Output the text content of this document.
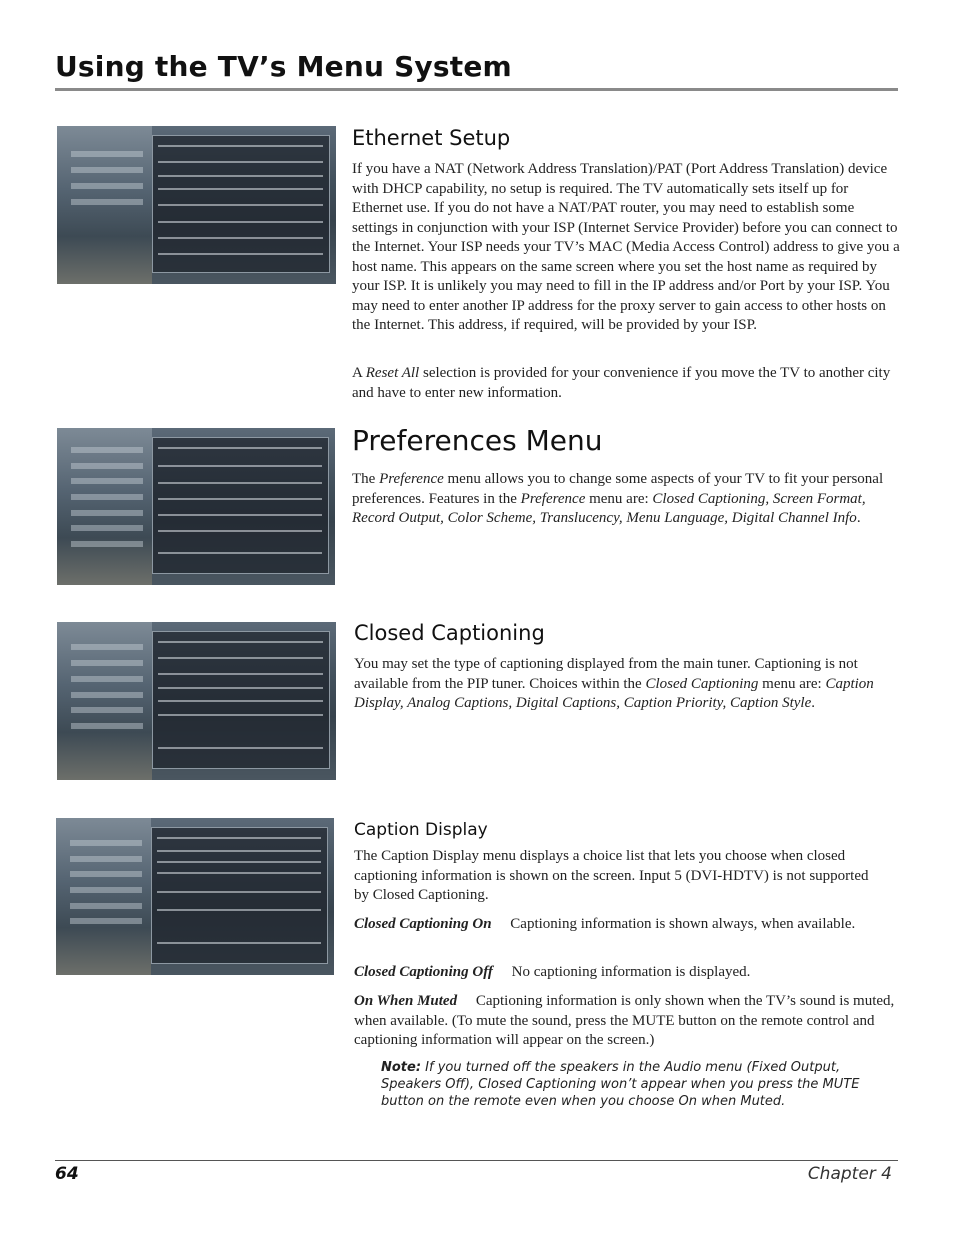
Using the TV’s Menu System
Ethernet Setup

If you have a NAT (Network Address Translation)/PAT (Port Address Translation) device with DHCP capability, no setup is required. The TV automatically sets itself up for Ethernet use. If you do not have a NAT/PAT router, you may need to establish some settings in conjunction with your ISP (Internet Service Provider) before you can connect to the Internet. Your ISP needs your TV’s MAC (Media Access Control) address to give you a host name. This appears on the same screen where you set the host name as required by your ISP. It is unlikely you may need to fill in the IP address and/or Port by your ISP. You may need to enter another IP address for the proxy server to gain access to other hosts on the Internet. This address, if required, will be provided by your ISP.

A Reset All selection is provided for your convenience if you move the TV to another city and have to enter new information.

Preferences Menu

The Preference menu allows you to change some aspects of your TV to fit your personal preferences. Features in the Preference menu are: Closed Captioning, Screen Format, Record Output, Color Scheme, Translucency, Menu Language, Digital Channel Info.

Closed Captioning

You may set the type of captioning displayed from the main tuner. Captioning is not available from the PIP tuner. Choices within the Closed Captioning menu are: Caption Display, Analog Captions, Digital Captions, Caption Priority, Caption Style.

Caption Display

The Caption Display menu displays a choice list that lets you choose when closed captioning information is shown on the screen. Input 5 (DVI-HDTV) is not supported by Closed Captioning.

Closed Captioning On Captioning information is shown always, when available.

Closed Captioning Off No captioning information is displayed.

On When Muted Captioning information is only shown when the TV’s sound is muted, when available. (To mute the sound, press the MUTE button on the remote control and captioning information will appear on the screen.)

Note: If you turned off the speakers in the Audio menu (Fixed Output, Speakers Off), Closed Captioning won’t appear when you press the MUTE button on the remote even when you choose On when Muted.

64	Chapter 4
